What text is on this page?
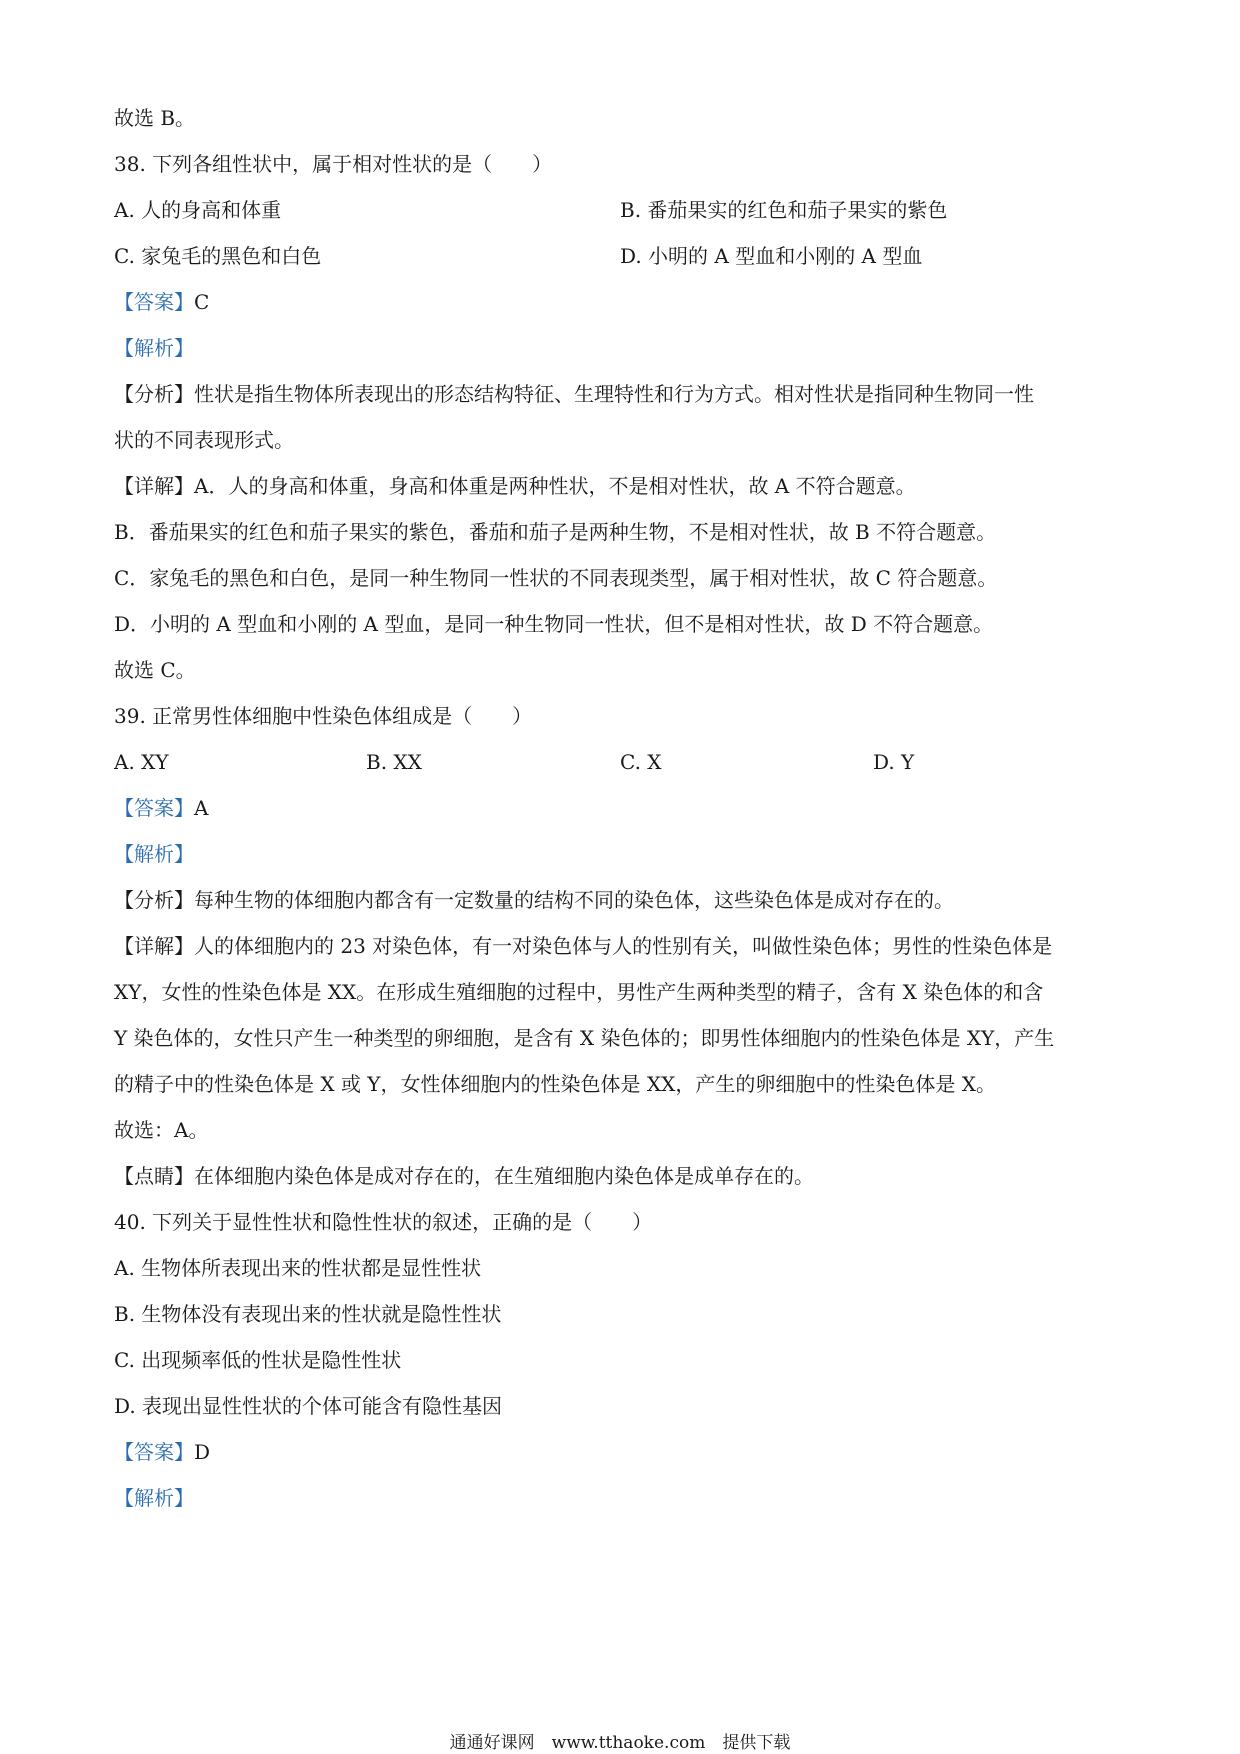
故选 B。
38. 下列各组性状中，属于相对性状的是（　　）
A. 人的身高和体重	B. 番茄果实的红色和茄子果实的紫色
C. 家兔毛的黑色和白色	D. 小明的 A 型血和小刚的 A 型血
【答案】C
【解析】
【分析】性状是指生物体所表现出的形态结构特征、生理特性和行为方式。相对性状是指同种生物同一性
状的不同表现形式。
【详解】A．人的身高和体重，身高和体重是两种性状，不是相对性状，故 A 不符合题意。
B．番茄果实的红色和茄子果实的紫色，番茄和茄子是两种生物，不是相对性状，故 B 不符合题意。
C．家兔毛的黑色和白色，是同一种生物同一性状的不同表现类型，属于相对性状，故 C 符合题意。
D．小明的 A 型血和小刚的 A 型血，是同一种生物同一性状，但不是相对性状，故 D 不符合题意。
故选 C。
39. 正常男性体细胞中性染色体组成是（　　）
A. XY	B. XX	C. X	D. Y
【答案】A
【解析】
【分析】每种生物的体细胞内都含有一定数量的结构不同的染色体，这些染色体是成对存在的。
【详解】人的体细胞内的 23 对染色体，有一对染色体与人的性别有关，叫做性染色体；男性的性染色体是
XY，女性的性染色体是 XX。在形成生殖细胞的过程中，男性产生两种类型的精子，含有 X 染色体的和含
Y 染色体的，女性只产生一种类型的卵细胞，是含有 X 染色体的；即男性体细胞内的性染色体是 XY，产生
的精子中的性染色体是 X 或 Y，女性体细胞内的性染色体是 XX，产生的卵细胞中的性染色体是 X。
故选：A。
【点睛】在体细胞内染色体是成对存在的，在生殖细胞内染色体是成单存在的。
40. 下列关于显性性状和隐性性状的叙述，正确的是（　　）
A. 生物体所表现出来的性状都是显性性状
B. 生物体没有表现出来的性状就是隐性性状
C. 出现频率低的性状是隐性性状
D. 表现出显性性状的个体可能含有隐性基因
【答案】D
【解析】
通通好课网　www.tthaoke.com　提供下载
